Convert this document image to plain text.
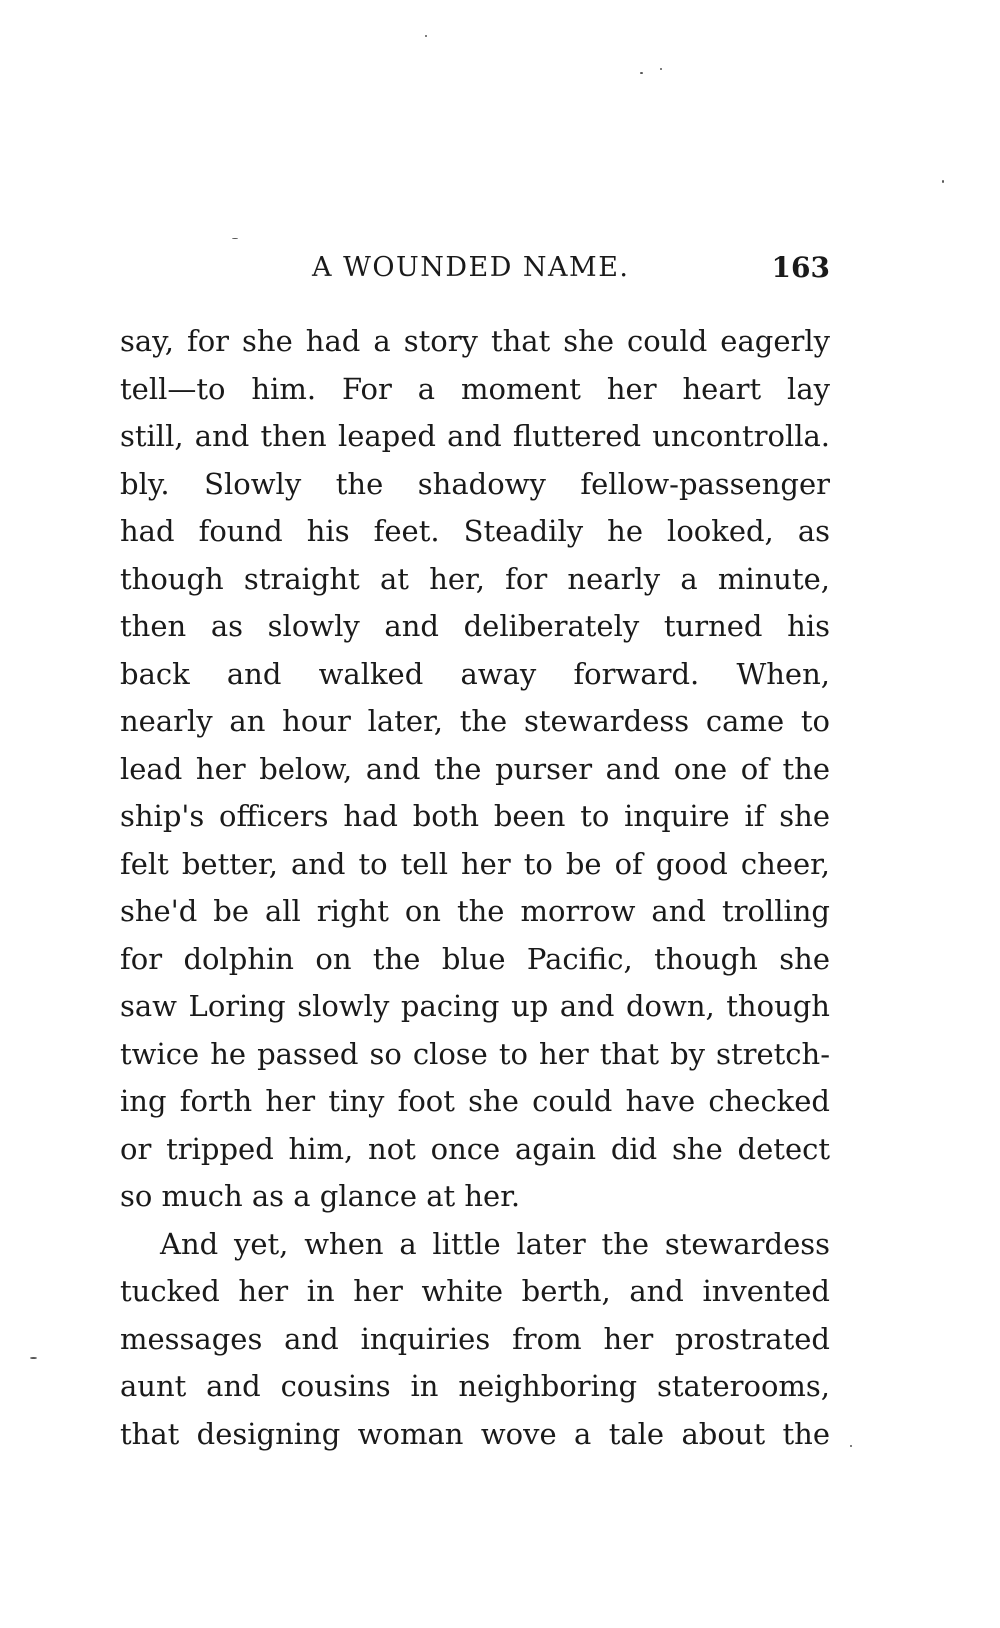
A WOUNDED NAME.	163
say, for she had a story that she could eagerly
tell—to him. For a moment her heart lay
still, and then leaped and fluttered uncontrolla.
bly. Slowly the shadowy fellow-passenger
had found his feet. Steadily he looked, as
though straight at her, for nearly a minute,
then as slowly and deliberately turned his
back and walked away forward. When,
nearly an hour later, the stewardess came to
lead her below, and the purser and one of the
ship's officers had both been to inquire if she
felt better, and to tell her to be of good cheer,
she'd be all right on the morrow and trolling
for dolphin on the blue Pacific, though she
saw Loring slowly pacing up and down, though
twice he passed so close to her that by stretch-
ing forth her tiny foot she could have checked
or tripped him, not once again did she detect
so much as a glance at her.
And yet, when a little later the stewardess
tucked her in her white berth, and invented
messages and inquiries from her prostrated
aunt and cousins in neighboring staterooms,
that designing woman wove a tale about the
